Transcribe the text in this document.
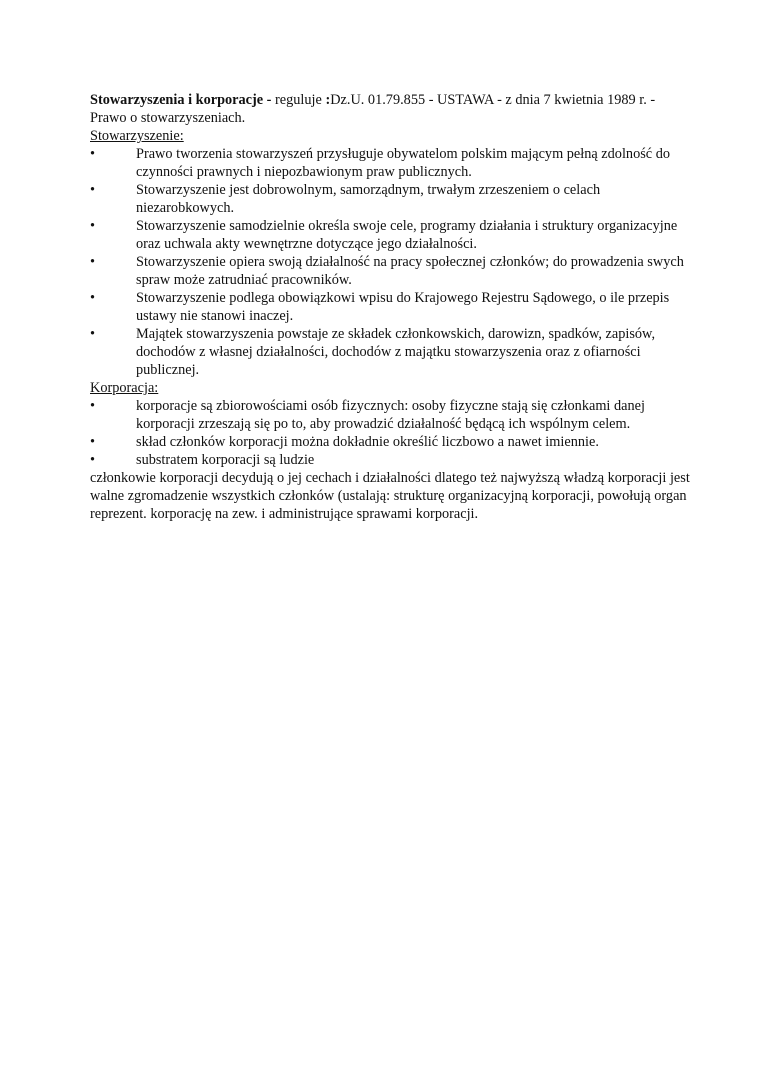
Stowarzyszenia i korporacje - reguluje :Dz.U. 01.79.855 - USTAWA - z dnia 7 kwietnia 1989 r. - Prawo o stowarzyszeniach.

Stowarzyszenie:

•	Prawo tworzenia stowarzyszeń przysługuje obywatelom polskim mającym pełną zdolność do czynności prawnych i niepozbawionym praw publicznych.
•	Stowarzyszenie jest dobrowolnym, samorządnym, trwałym zrzeszeniem o celach niezarobkowych.
•	Stowarzyszenie samodzielnie określa swoje cele, programy działania i struktury organizacyjne oraz uchwala akty wewnętrzne dotyczące jego działalności.
•	Stowarzyszenie opiera swoją działalność na pracy społecznej członków; do prowadzenia swych spraw może zatrudniać pracowników.
•	Stowarzyszenie podlega obowiązkowi wpisu do Krajowego Rejestru Sądowego, o ile przepis ustawy nie stanowi inaczej.
•	Majątek stowarzyszenia powstaje ze składek członkowskich, darowizn, spadków, zapisów, dochodów z własnej działalności, dochodów z majątku stowarzyszenia oraz z ofiarności publicznej.

Korporacja:

•	korporacje są zbiorowościami osób fizycznych: osoby fizyczne stają się członkami danej korporacji zrzeszają się po to, aby prowadzić działalność będącą ich wspólnym celem.
•	skład członków korporacji można dokładnie określić liczbowo a nawet imiennie.
•	substratem korporacji są ludzie

członkowie korporacji decydują o jej cechach i działalności dlatego też najwyższą władzą korporacji jest walne zgromadzenie wszystkich członków (ustalają: strukturę organizacyjną korporacji, powołują organ reprezent. korporację na zew. i administrujące sprawami korporacji.
